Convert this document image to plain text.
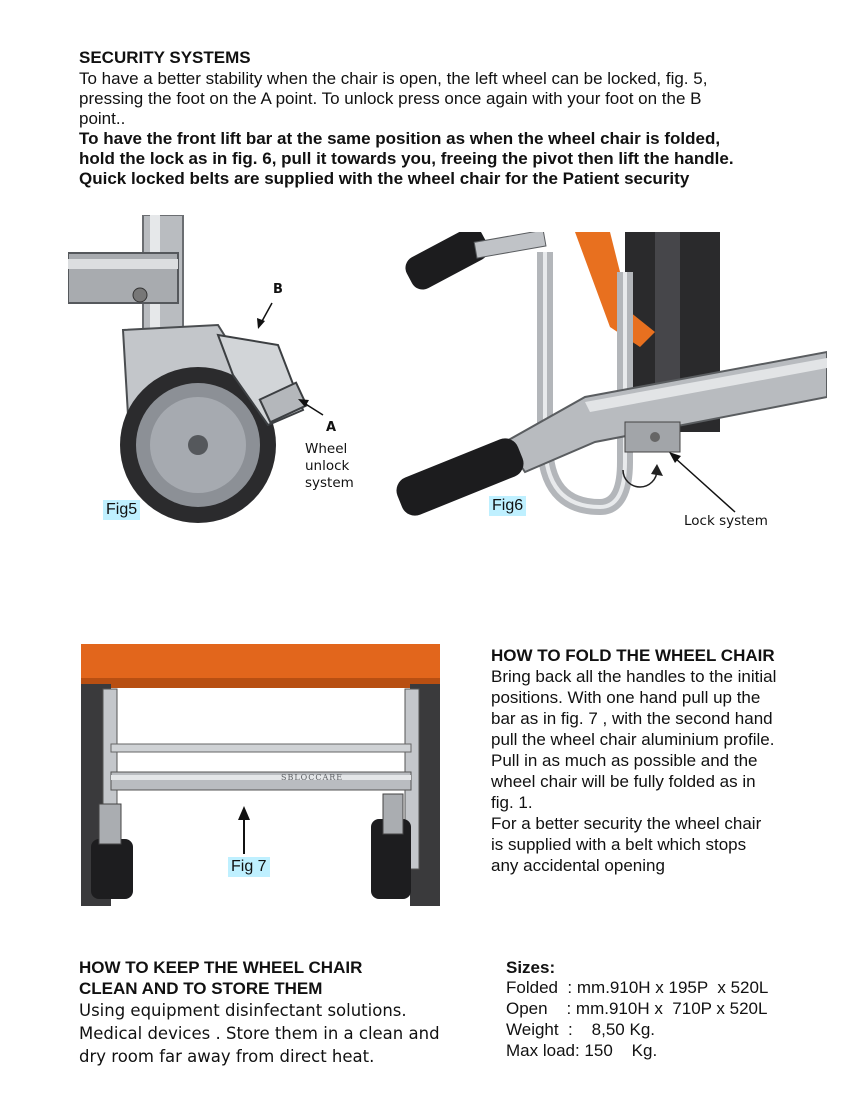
SECURITY SYSTEMS
To have a better stability when the chair is open, the left wheel can be locked, fig. 5,
pressing the foot on the A point. To unlock press once again with your foot on the B
point..
To have the front lift bar at the same position as when the wheel chair is folded,
hold the lock as in fig. 6, pull it towards you, freeing the pivot then lift the handle.
Quick locked belts are supplied with the wheel chair for the Patient security
B
A
Wheel
unlock
system
Fig5	Fig6
Lock system
SBLOCCARE
Fig 7
HOW TO FOLD THE WHEEL CHAIR
Bring back all the handles to the initial
positions. With one hand pull up the
bar as in fig. 7 , with the second hand
pull the wheel chair aluminium profile.
Pull in as much as possible and the
wheel chair will be fully folded as in
fig. 1.
For a better security the wheel chair
is supplied with a belt which stops
any accidental opening
HOW TO KEEP THE WHEEL CHAIR
CLEAN AND TO STORE THEM
Using equipment disinfectant solutions.
Medical devices . Store them in a clean and
dry room far away from direct heat.
Sizes:
Folded  : mm.910H x 195P  x 520L
Open    : mm.910H x  710P x 520L
Weight  :    8,50 Kg.
Max load: 150    Kg.
